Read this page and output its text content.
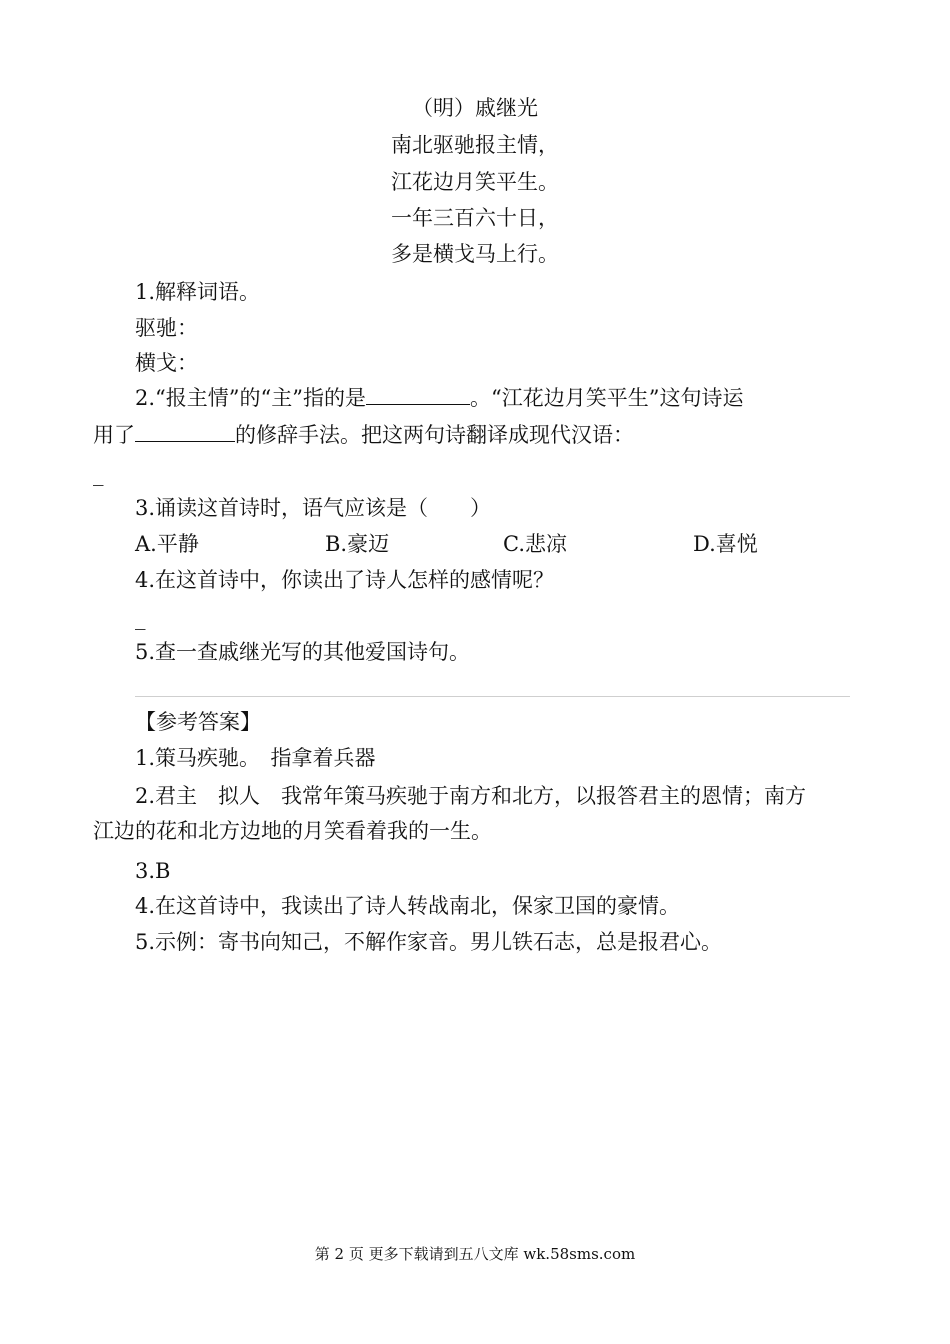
（明）戚继光
南北驱驰报主情，
江花边月笑平生。
一年三百六十日，
多是横戈马上行。
1.解释词语。
驱驰：
横戈：
2.“报主情”的“主”指的是	。“江花边月笑平生”这句诗运
用了	的修辞手法。把这两句诗翻译成现代汉语：
_
3.诵读这首诗时，语气应该是（　　）
A.平静	B.豪迈	C.悲凉	D.喜悦
4.在这首诗中，你读出了诗人怎样的感情呢？
_
5.查一查戚继光写的其他爱国诗句。
【参考答案】
1.策马疾驰。　指拿着兵器
2.君主　拟人　我常年策马疾驰于南方和北方，以报答君主的恩情；南方
江边的花和北方边地的月笑看着我的一生。
3.B
4.在这首诗中，我读出了诗人转战南北，保家卫国的豪情。
5.示例：寄书向知己，不解作家音。男儿铁石志，总是报君心。
第 2 页 更多下载请到五八文库 wk.58sms.com
